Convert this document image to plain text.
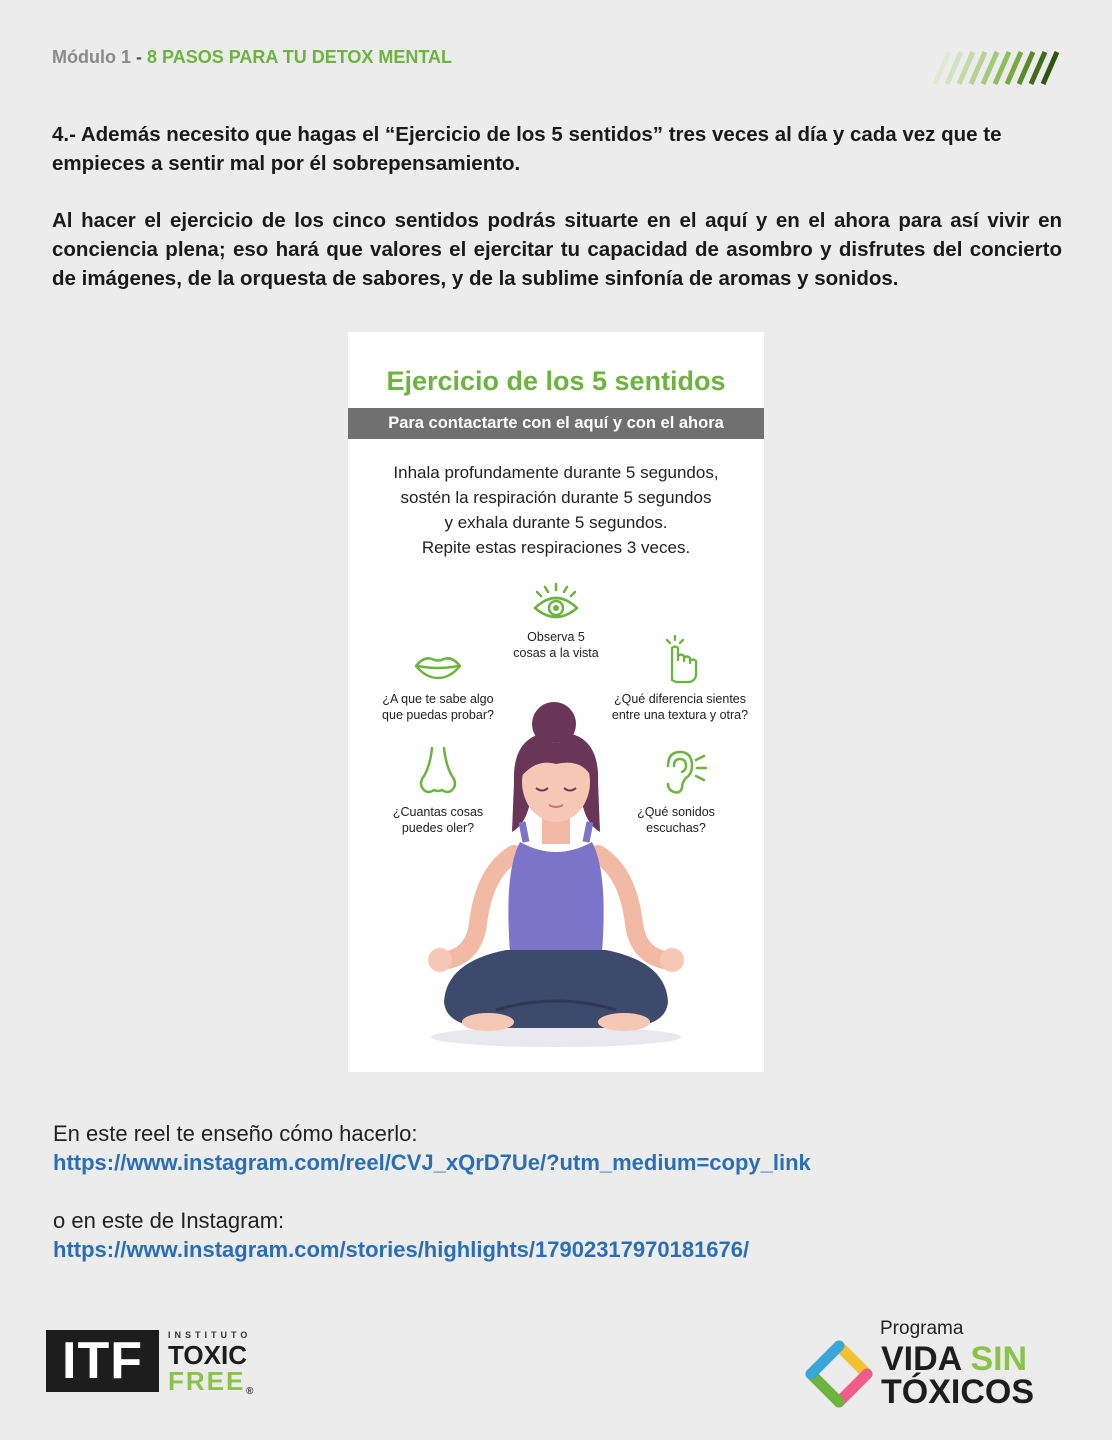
Módulo 1 - 8 PASOS PARA TU DETOX MENTAL
4.- Además necesito que hagas el “Ejercicio de los 5 sentidos” tres veces al día y cada vez que te empieces a sentir mal por él sobrepensamiento.
Al hacer el ejercicio de los cinco sentidos podrás situarte en el aquí y en el ahora para así vivir en conciencia plena; eso hará que valores el ejercitar tu capacidad de asombro y disfrutes del concierto de imágenes, de la orquesta de sabores, y de la sublime sinfonía de aromas y sonidos.
Ejercicio de los 5 sentidos
Para contactarte con el aquí y con el ahora
Inhala profundamente durante 5 segundos,
sostén la respiración durante 5 segundos
y exhala durante 5 segundos.
Repite estas respiraciones 3 veces.
Observa 5
cosas a la vista
¿A que te sabe algo
que puedas probar?
¿Qué diferencia sientes
entre una textura y otra?
¿Cuantas cosas
puedes oler?
¿Qué sonidos
escuchas?
En este reel te enseño cómo hacerlo:
https://www.instagram.com/reel/CVJ_xQrD7Ue/?utm_medium=copy_link
o en este de Instagram:
https://www.instagram.com/stories/highlights/17902317970181676/
ITF	INSTITUTO
TOXIC
FREE ®
Programa
VIDA SIN
TÓXICOS
